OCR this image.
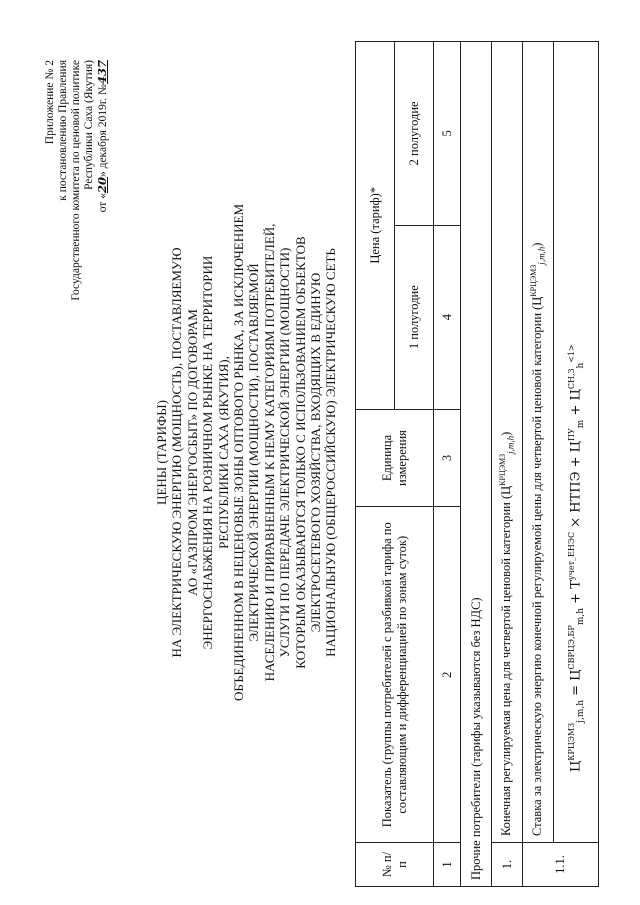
Приложение № 2 к постановлению Правления Государственного комитета по ценовой политике Республики Саха (Якутия)
от «20» декабря 2019г. №437
ЦЕНЫ (ТАРИФЫ) НА ЭЛЕКТРИЧЕСКУЮ ЭНЕРГИЮ (МОЩНОСТЬ), ПОСТАВЛЯЕМУЮ АО «ГАЗПРОМ ЭНЕРГОСБЫТ» ПО ДОГОВОРАМ ЭНЕРГОСНАБЖЕНИЯ НА РОЗНИЧНОМ РЫНКЕ НА ТЕРРИТОРИИ РЕСПУБЛИКИ САХА (ЯКУТИЯ), ОБЪЕДИНЕННОМ В НЕЦЕНОВЫЕ ЗОНЫ ОПТОВОГО РЫНКА, ЗА ИСКЛЮЧЕНИЕМ ЭЛЕКТРИЧЕСКОЙ ЭНЕРГИИ (МОЩНОСТИ), ПОСТАВЛЯЕМОЙ НАСЕЛЕНИЮ И ПРИРАВНЕННЫМ К НЕМУ КАТЕГОРИЯМ ПОТРЕБИТЕЛЕЙ, УСЛУГИ ПО ПЕРЕДАЧЕ ЭЛЕКТРИЧЕСКОЙ ЭНЕРГИИ (МОЩНОСТИ) КОТОРЫМ ОКАЗЫВАЮТСЯ ТОЛЬКО С ИСПОЛЬЗОВАНИЕМ ОБЪЕКТОВ ЭЛЕКТРОСЕТЕВОГО ХОЗЯЙСТВА, ВХОДЯЩИХ В ЕДИНУЮ НАЦИОНАЛЬНУЮ (ОБЩЕРОССИЙСКУЮ) ЭЛЕКТРИЧЕСКУЮ СЕТЬ
№ п/п	Показатель (группы потребителей с разбивкой тарифа по составляющим и дифференциацией по зонам суток)	Единица измерения	Цена (тариф)*	
			1 полугодие	2 полугодие
1	2	3	4	5
Прочие потребители (тарифы указываются без НДС)				
1.	Конечная регулируемая цена для четвертой ценовой категории $(Ц^{КРЦЭМЗ}_{j,m,h})$			
1.1.	Ставка за электрическую энергию конечной регулируемой цены для четвертой ценовой категории $(Ц^{КРЦЭМЗ}_{j,m,h})$			
	$Ц^{КРЦЭМЗ}_{j,m,h} = Ц^{СВРЦЭ,БР}_{m,h} + Т^{учет\_ЕНЭС}$ × НТПЭ + $Ц^{ПУ}_m + Ц^{СН,З}_h^{<1>}$
